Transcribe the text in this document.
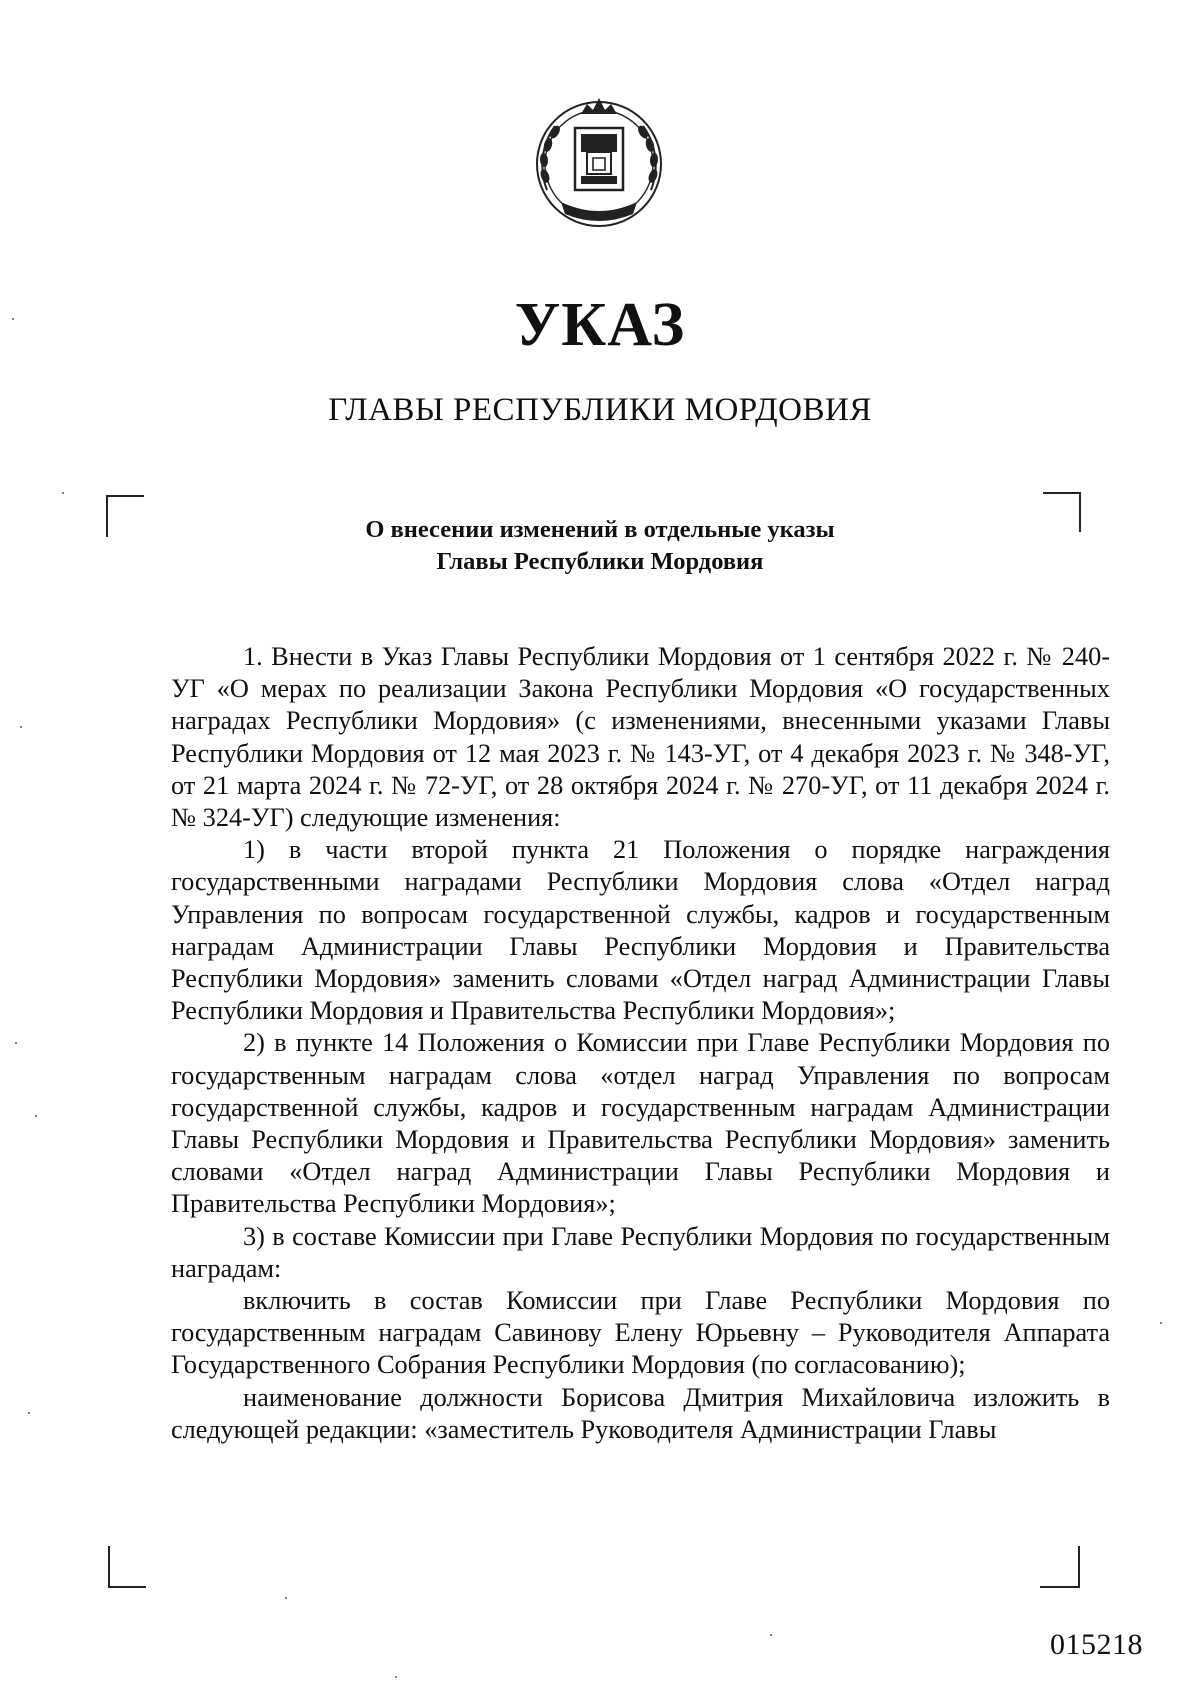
УКАЗ
ГЛАВЫ РЕСПУБЛИКИ МОРДОВИЯ
О внесении изменений в отдельные указы
Главы Республики Мордовия

1. Внести в Указ Главы Республики Мордовия от 1 сентября 2022 г. № 240-УГ «О мерах по реализации Закона Республики Мордовия «О государственных наградах Республики Мордовия» (с изменениями, внесенными указами Главы Республики Мордовия от 12 мая 2023 г. № 143-УГ, от 4 декабря 2023 г. № 348-УГ, от 21 марта 2024 г. № 72-УГ, от 28 октября 2024 г. № 270-УГ, от 11 декабря 2024 г. № 324-УГ) следующие изменения:

1) в части второй пункта 21 Положения о порядке награждения государственными наградами Республики Мордовия слова «Отдел наград Управления по вопросам государственной службы, кадров и государственным наградам Администрации Главы Республики Мордовия и Правительства Республики Мордовия» заменить словами «Отдел наград Администрации Главы Республики Мордовия и Правительства Республики Мордовия»;

2) в пункте 14 Положения о Комиссии при Главе Республики Мордовия по государственным наградам слова «отдел наград Управления по вопросам государственной службы, кадров и государственным наградам Администрации Главы Республики Мордовия и Правительства Республики Мордовия» заменить словами «Отдел наград Администрации Главы Республики Мордовия и Правительства Республики Мордовия»;

3) в составе Комиссии при Главе Республики Мордовия по государственным наградам:

включить в состав Комиссии при Главе Республики Мордовия по государственным наградам Савинову Елену Юрьевну – Руководителя Аппарата Государственного Собрания Республики Мордовия (по согласованию);

наименование должности Борисова Дмитрия Михайловича изложить в следующей редакции: «заместитель Руководителя Администрации Главы

015218
